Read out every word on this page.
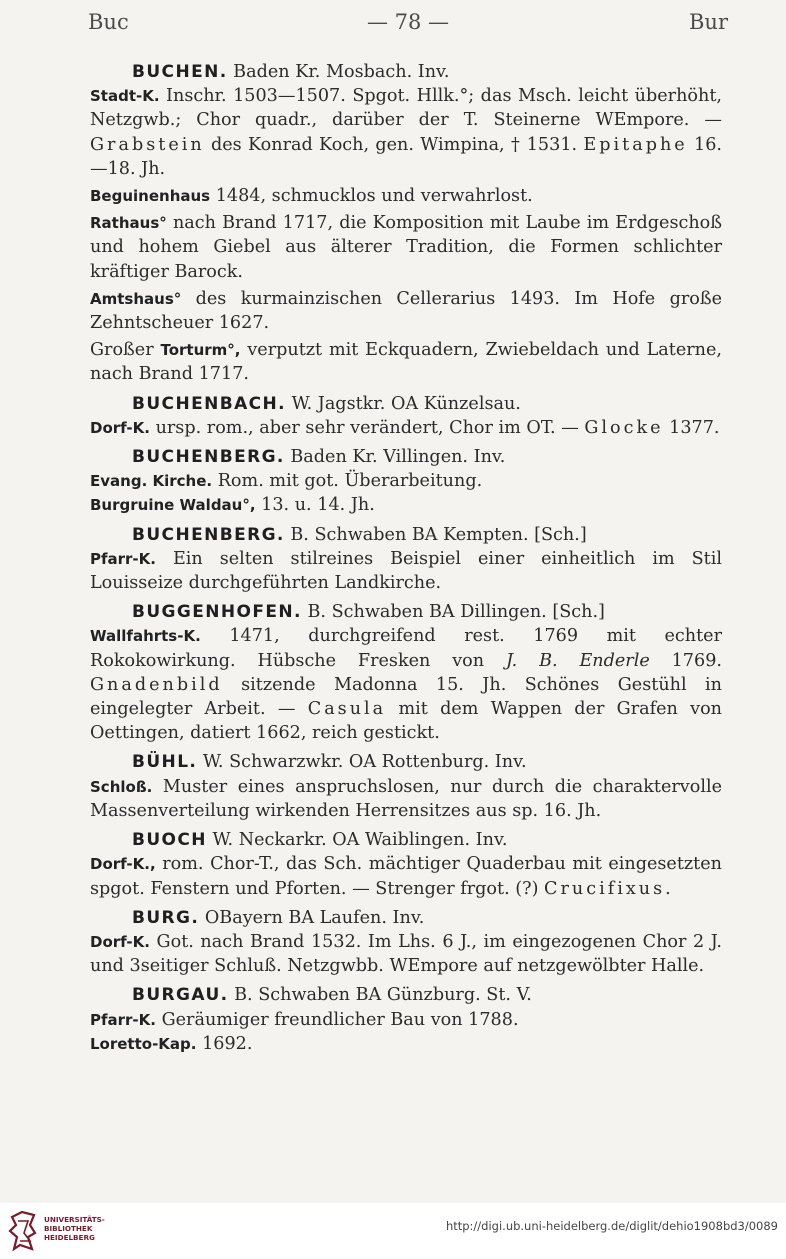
Buc	— 78 —	Bur

BUCHEN. Baden Kr. Mosbach. Inv.

Stadt-K. Inschr. 1503—1507. Spgot. Hllk.°; das Msch. leicht überhöht, Netzgwb.; Chor quadr., darüber der T. Steinerne WEmpore. — Grabstein des Konrad Koch, gen. Wimpina, † 1531. Epitaphe 16.—18. Jh.

Beguinenhaus 1484, schmucklos und verwahrlost.

Rathaus° nach Brand 1717, die Komposition mit Laube im Erdgeschoß und hohem Giebel aus älterer Tradition, die Formen schlichter kräftiger Barock.

Amtshaus° des kurmainzischen Cellerarius 1493. Im Hofe große Zehntscheuer 1627.

Großer Torturm°, verputzt mit Eckquadern, Zwiebeldach und Laterne, nach Brand 1717.

BUCHENBACH. W. Jagstkr. OA Künzelsau.

Dorf-K. ursp. rom., aber sehr verändert, Chor im OT. — Glocke 1377.

BUCHENBERG. Baden Kr. Villingen. Inv.

Evang. Kirche. Rom. mit got. Überarbeitung.

Burgruine Waldau°, 13. u. 14. Jh.

BUCHENBERG. B. Schwaben BA Kempten. [Sch.]

Pfarr-K. Ein selten stilreines Beispiel einer einheitlich im Stil Louisseize durchgeführten Landkirche.

BUGGENHOFEN. B. Schwaben BA Dillingen. [Sch.]

Wallfahrts-K. 1471, durchgreifend rest. 1769 mit echter Rokokowirkung. Hübsche Fresken von J. B. Enderle 1769. Gnadenbild sitzende Madonna 15. Jh. Schönes Gestühl in eingelegter Arbeit. — Casula mit dem Wappen der Grafen von Oettingen, datiert 1662, reich gestickt.

BÜHL. W. Schwarzwkr. OA Rottenburg. Inv.

Schloß. Muster eines anspruchslosen, nur durch die charaktervolle Massenverteilung wirkenden Herrensitzes aus sp. 16. Jh.

BUOCH W. Neckarkr. OA Waiblingen. Inv.

Dorf-K., rom. Chor-T., das Sch. mächtiger Quaderbau mit eingesetzten spgot. Fenstern und Pforten. — Strenger frgot. (?) Crucifixus.

BURG. OBayern BA Laufen. Inv.

Dorf-K. Got. nach Brand 1532. Im Lhs. 6 J., im eingezogenen Chor 2 J. und 3seitiger Schluß. Netzgwbb. WEmpore auf netzgewölbter Halle.

BURGAU. B. Schwaben BA Günzburg. St. V.

Pfarr-K. Geräumiger freundlicher Bau von 1788.

Loretto-Kap. 1692.

UNIVERSITÄTS-
BIBLIOTHEK
HEIDELBERG
http://digi.ub.uni-heidelberg.de/diglit/dehio1908bd3/0089
